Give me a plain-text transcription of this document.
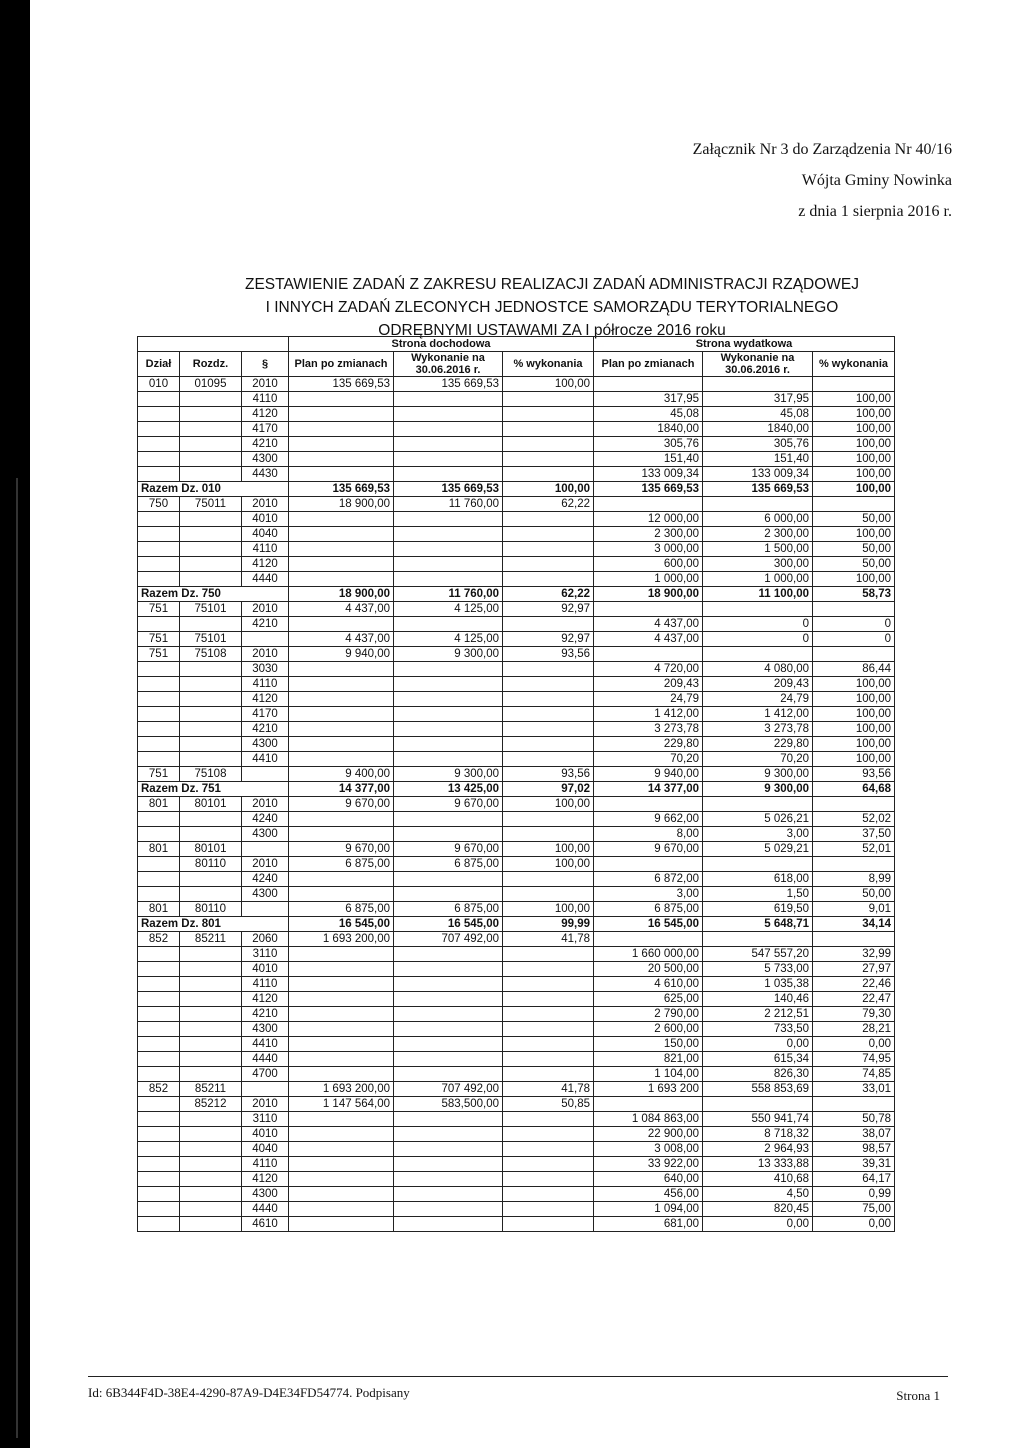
Załącznik Nr 3 do Zarządzenia Nr 40/16
Wójta Gminy Nowinka
z dnia 1 sierpnia 2016 r.
ZESTAWIENIE ZADAŃ Z ZAKRESU REALIZACJI ZADAŃ ADMINISTRACJI RZĄDOWEJ
I INNYCH ZADAŃ ZLECONYCH JEDNOSTCE SAMORZĄDU TERYTORIALNEGO
ODRĘBNYMI USTAWAMI ZA I półrocze 2016 roku
			Strona dochodowa			Strona wydatkowa		
Dział	Rozdz.	§	Plan po zmianach	Wykonanie na 30.06.2016 r.	% wykonania	Plan po zmianach	Wykonanie na 30.06.2016 r.	% wykonania
010	01095	2010	135 669,53	135 669,53	100,00			
		4110				317,95	317,95	100,00
		4120				45,08	45,08	100,00
		4170				1840,00	1840,00	100,00
		4210				305,76	305,76	100,00
		4300				151,40	151,40	100,00
		4430				133 009,34	133 009,34	100,00
Razem Dz. 010			135 669,53	135 669,53	100,00	135 669,53	135 669,53	100,00
750	75011	2010	18 900,00	11 760,00	62,22			
		4010				12 000,00	6 000,00	50,00
		4040				2 300,00	2 300,00	100,00
		4110				3 000,00	1 500,00	50,00
		4120				600,00	300,00	50,00
		4440				1 000,00	1 000,00	100,00
Razem Dz. 750			18 900,00	11 760,00	62,22	18 900,00	11 100,00	58,73
751	75101	2010	4 437,00	4 125,00	92,97			
		4210				4 437,00	0	0
751	75101		4 437,00	4 125,00	92,97	4 437,00	0	0
751	75108	2010	9 940,00	9 300,00	93,56			
		3030				4 720,00	4 080,00	86,44
		4110				209,43	209,43	100,00
		4120				24,79	24,79	100,00
		4170				1 412,00	1 412,00	100,00
		4210				3 273,78	3 273,78	100,00
		4300				229,80	229,80	100,00
		4410				70,20	70,20	100,00
751	75108		9 400,00	9 300,00	93,56	9 940,00	9 300,00	93,56
Razem Dz. 751			14 377,00	13 425,00	97,02	14 377,00	9 300,00	64,68
801	80101	2010	9 670,00	9 670,00	100,00			
		4240				9 662,00	5 026,21	52,02
		4300				8,00	3,00	37,50
801	80101		9 670,00	9 670,00	100,00	9 670,00	5 029,21	52,01
	80110	2010	6 875,00	6 875,00	100,00			
		4240				6 872,00	618,00	8,99
		4300				3,00	1,50	50,00
801	80110		6 875,00	6 875,00	100,00	6 875,00	619,50	9,01
Razem Dz. 801			16 545,00	16 545,00	99,99	16 545,00	5 648,71	34,14
852	85211	2060	1 693 200,00	707 492,00	41,78			
		3110				1 660 000,00	547 557,20	32,99
		4010				20 500,00	5 733,00	27,97
		4110				4 610,00	1 035,38	22,46
		4120				625,00	140,46	22,47
		4210				2 790,00	2 212,51	79,30
		4300				2 600,00	733,50	28,21
		4410				150,00	0,00	0,00
		4440				821,00	615,34	74,95
		4700				1 104,00	826,30	74,85
852	85211		1 693 200,00	707 492,00	41,78	1 693 200	558 853,69	33,01
	85212	2010	1 147 564,00	583,500,00	50,85			
		3110				1 084 863,00	550 941,74	50,78
		4010				22 900,00	8 718,32	38,07
		4040				3 008,00	2 964,93	98,57
		4110				33 922,00	13 333,88	39,31
		4120				640,00	410,68	64,17
		4300				456,00	4,50	0,99
		4440				1 094,00	820,45	75,00
		4610				681,00	0,00	0,00
Id: 6B344F4D-38E4-4290-87A9-D4E34FD54774. Podpisany	Strona 1
